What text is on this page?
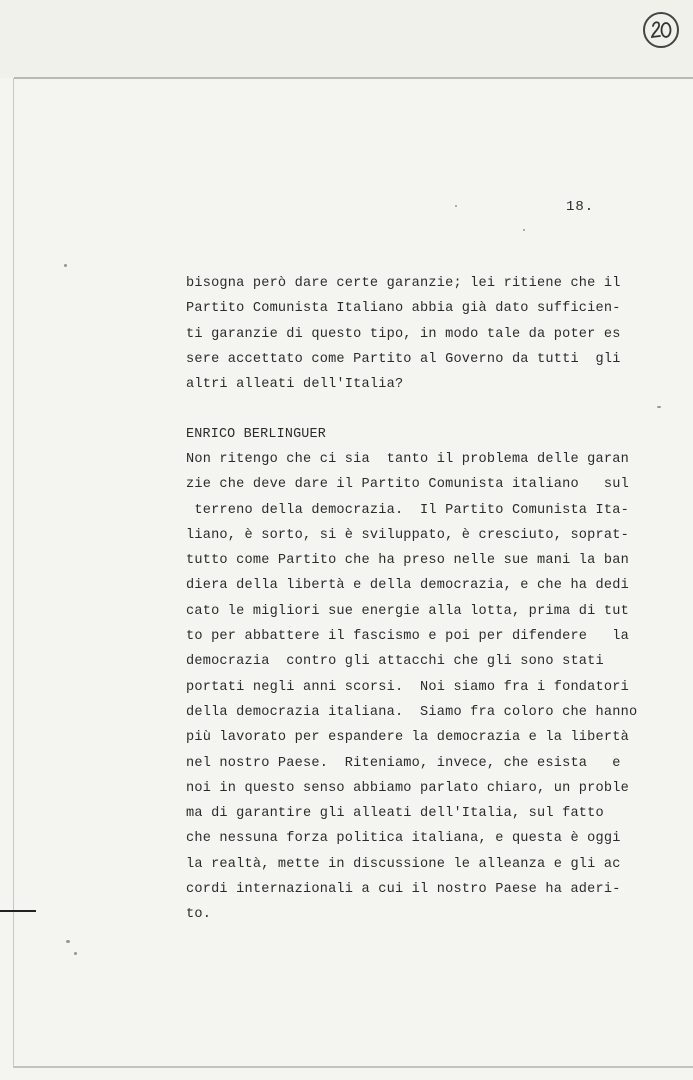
18.
bisogna però dare certe garanzie; lei ritiene che il
Partito Comunista Italiano abbia già dato sufficien-
ti garanzie di questo tipo, in modo tale da poter es
sere accettato come Partito al Governo da tutti  gli
altri alleati dell'Italia?
ENRICO BERLINGUER
Non ritengo che ci sia  tanto il problema delle garan
zie che deve dare il Partito Comunista italiano   sul
terreno della democrazia.  Il Partito Comunista Ita-
liano, è sorto, si è sviluppato, è cresciuto, soprat-
tutto come Partito che ha preso nelle sue mani la ban
diera della libertà e della democrazia, e che ha dedi
cato le migliori sue energie alla lotta, prima di tut
to per abbattere il fascismo e poi per difendere   la
democrazia  contro gli attacchi che gli sono stati
portati negli anni scorsi.  Noi siamo fra i fondatori
della democrazia italiana.  Siamo fra coloro che hanno
più lavorato per espandere la democrazia e la libertà
nel nostro Paese.  Riteniamo, invece, che esista   e
noi in questo senso abbiamo parlato chiaro, un proble
ma di garantire gli alleati dell'Italia, sul fatto
che nessuna forza politica italiana, e questa è oggi
la realtà, mette in discussione le alleanza e gli ac
cordi internazionali a cui il nostro Paese ha aderi-
to.
